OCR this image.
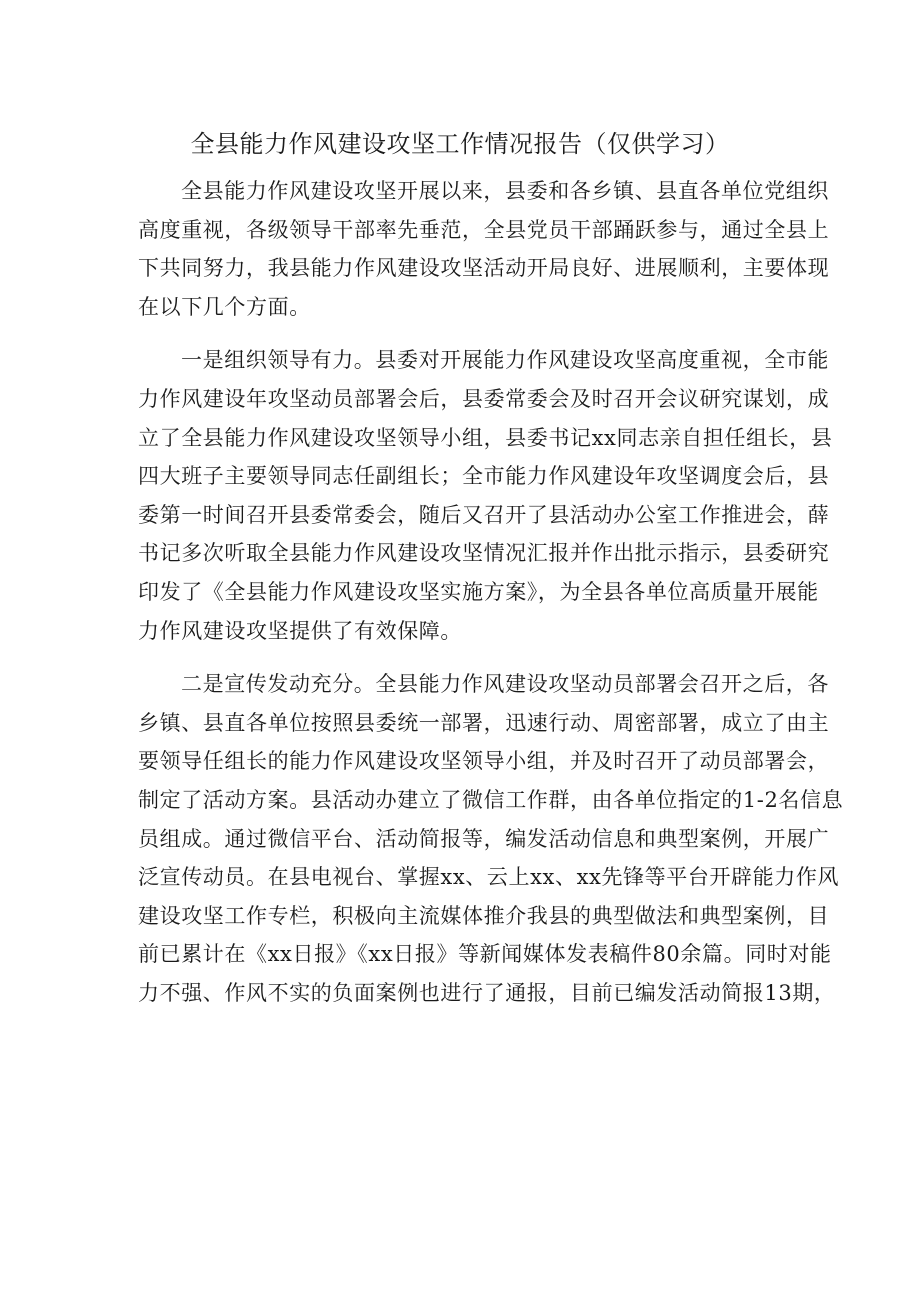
全县能力作风建设攻坚工作情况报告（仅供学习）
全县能力作风建设攻坚开展以来，县委和各乡镇、县直各单位党组织
高度重视，各级领导干部率先垂范，全县党员干部踊跃参与，通过全县上
下共同努力，我县能力作风建设攻坚活动开局良好、进展顺利，主要体现
在以下几个方面。
一是组织领导有力。县委对开展能力作风建设攻坚高度重视，全市能
力作风建设年攻坚动员部署会后，县委常委会及时召开会议研究谋划，成
立了全县能力作风建设攻坚领导小组，县委书记xx同志亲自担任组长，县
四大班子主要领导同志任副组长；全市能力作风建设年攻坚调度会后，县
委第一时间召开县委常委会，随后又召开了县活动办公室工作推进会，薛
书记多次听取全县能力作风建设攻坚情况汇报并作出批示指示，县委研究
印发了《全县能力作风建设攻坚实施方案》，为全县各单位高质量开展能
力作风建设攻坚提供了有效保障。
二是宣传发动充分。全县能力作风建设攻坚动员部署会召开之后，各
乡镇、县直各单位按照县委统一部署，迅速行动、周密部署，成立了由主
要领导任组长的能力作风建设攻坚领导小组，并及时召开了动员部署会，
制定了活动方案。县活动办建立了微信工作群，由各单位指定的1-2名信息
员组成。通过微信平台、活动简报等，编发活动信息和典型案例，开展广
泛宣传动员。在县电视台、掌握xx、云上xx、xx先锋等平台开辟能力作风
建设攻坚工作专栏，积极向主流媒体推介我县的典型做法和典型案例，目
前已累计在《xx日报》《xx日报》等新闻媒体发表稿件80余篇。同时对能
力不强、作风不实的负面案例也进行了通报，目前已编发活动简报13期，
